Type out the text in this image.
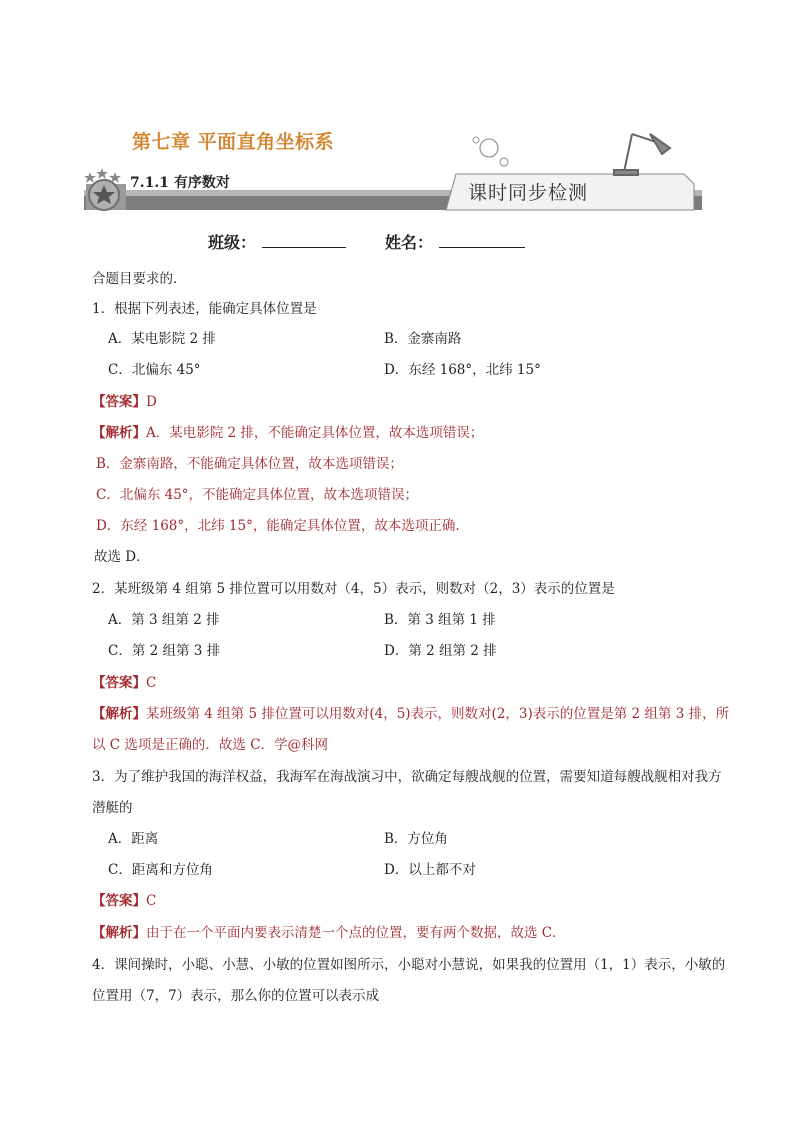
第七章 平面直角坐标系
7.1.1 有序数对	课时同步检测
班级：	姓名：
合题目要求的．
1．根据下列表述，能确定具体位置是
A．某电影院 2 排	B．金寨南路
C．北偏东 45°	D．东经 168°，北纬 15°
【答案】D
【解析】A．某电影院 2 排，不能确定具体位置，故本选项错误；
B．金寨南路，不能确定具体位置，故本选项错误；
C．北偏东 45°，不能确定具体位置，故本选项错误；
D．东经 168°，北纬 15°，能确定具体位置，故本选项正确.
故选 D．
2．某班级第 4 组第 5 排位置可以用数对（4，5）表示，则数对（2，3）表示的位置是
A．第 3 组第 2 排	B．第 3 组第 1 排
C．第 2 组第 3 排	D．第 2 组第 2 排
【答案】C
【解析】某班级第 4 组第 5 排位置可以用数对(4，5)表示，则数对(2，3)表示的位置是第 2 组第 3 排，所
以 C 选项是正确的．故选 C．学@科网
3．为了维护我国的海洋权益，我海军在海战演习中，欲确定每艘战舰的位置，需要知道每艘战舰相对我方
潜艇的
A．距离	B．方位角
C．距离和方位角	D．以上都不对
【答案】C
【解析】由于在一个平面内要表示清楚一个点的位置，要有两个数据，故选 C．
4．课间操时，小聪、小慧、小敏的位置如图所示，小聪对小慧说，如果我的位置用（1，1）表示，小敏的
位置用（7，7）表示，那么你的位置可以表示成
